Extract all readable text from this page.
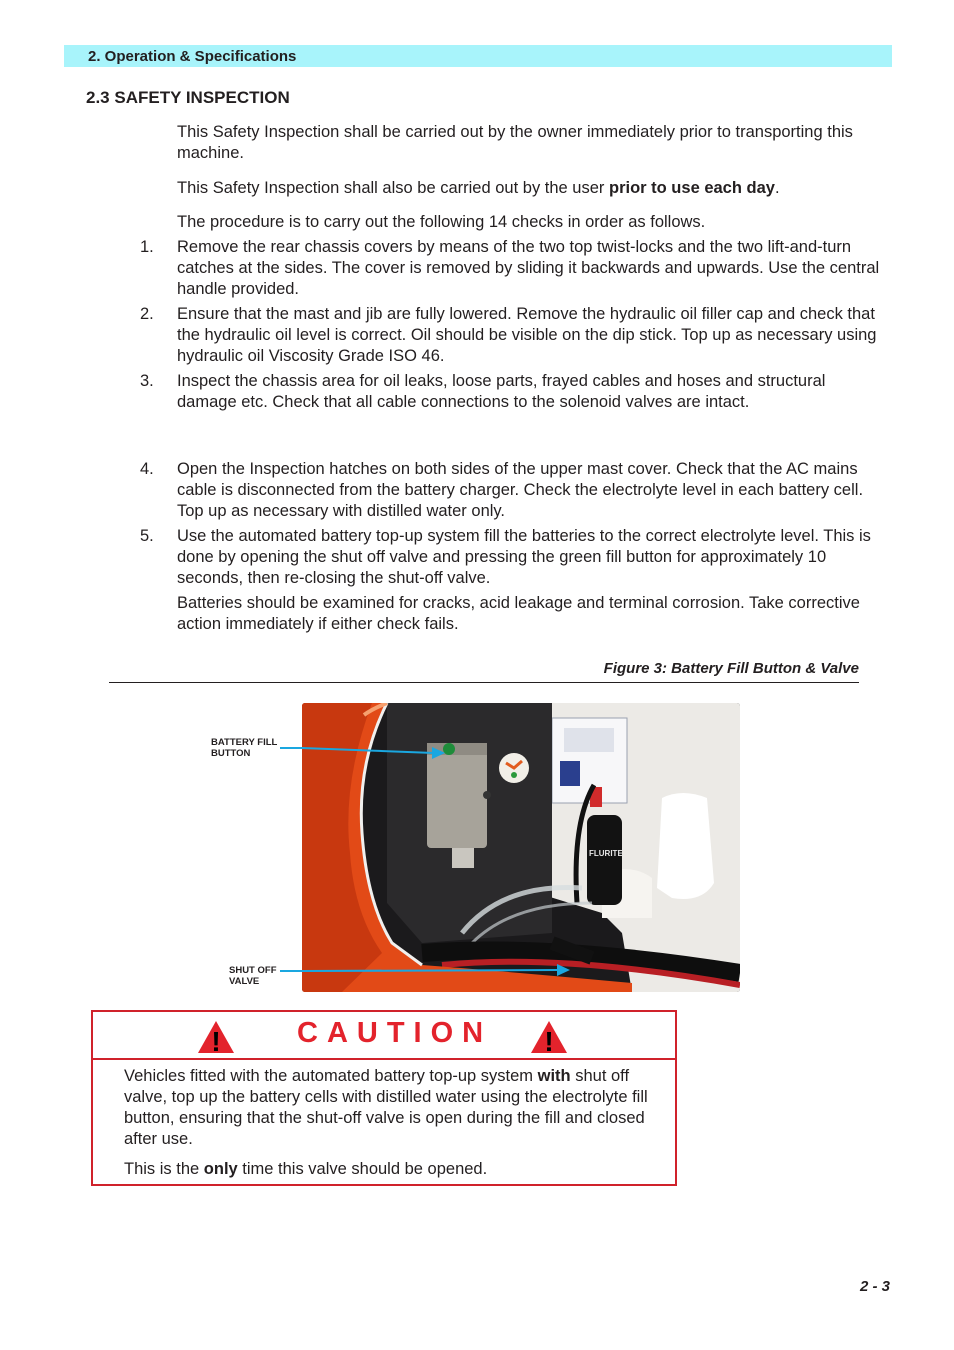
2. Operation & Specifications
2.3 SAFETY INSPECTION
This Safety Inspection shall be carried out by the owner immediately prior to transporting this machine.
This Safety Inspection shall also be carried out by the user prior to use each day.
The procedure is to carry out the following 14 checks in order as follows.
1. Remove the rear chassis covers by means of the two top twist-locks and the two lift-and-turn catches at the sides. The cover is removed by sliding it backwards and upwards. Use the central handle provided.
2. Ensure that the mast and jib are fully lowered. Remove the hydraulic oil filler cap and check that the hydraulic oil level is correct. Oil should be visible on the dip stick. Top up as necessary using hydraulic oil Viscosity Grade ISO 46.
3. Inspect the chassis area for oil leaks, loose parts, frayed cables and hoses and structural damage etc. Check that all cable connections to the solenoid valves are intact.
4. Open the Inspection hatches on both sides of the upper mast cover. Check that the AC mains cable is disconnected from the battery charger. Check the electrolyte level in each battery cell. Top up as necessary with distilled water only.
5. Use the automated battery top-up system fill the batteries to the correct electrolyte level. This is done by opening the shut off valve and pressing the green fill button for approximately 10 seconds, then re-closing the shut-off valve.
Batteries should be examined for cracks, acid leakage and terminal corrosion. Take corrective action immediately if either check fails.
Figure 3: Battery Fill Button & Valve
FLURITE
BATTERY FILL
BUTTON
SHUT OFF
VALVE
!	CAUTION !
Vehicles fitted with the automated battery top-up system with shut off valve, top up the battery cells with distilled water using the electrolyte fill button, ensuring that the shut-off valve is open during the fill and closed after use.
This is the only time this valve should be opened.
2 - 3
